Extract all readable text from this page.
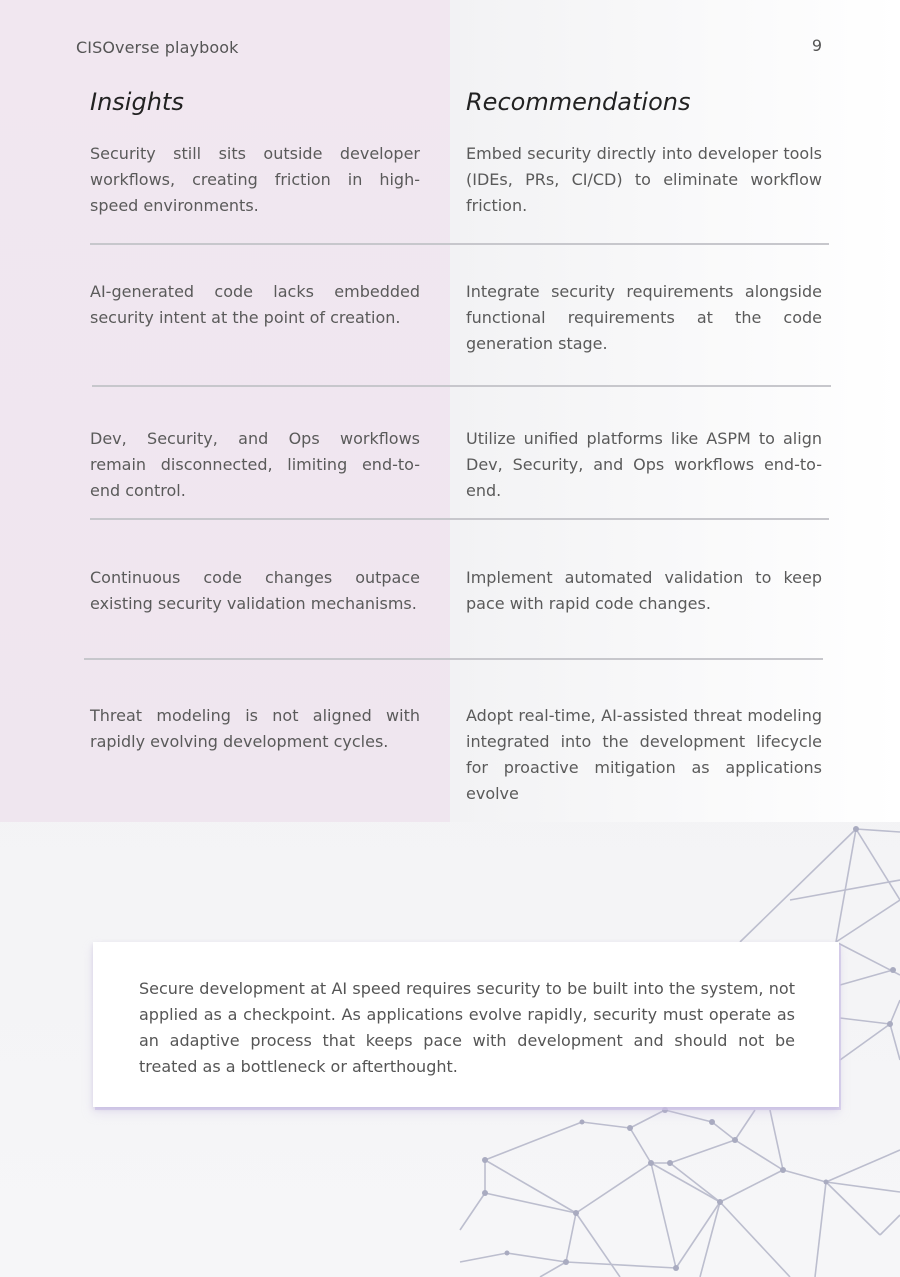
CISOverse playbook	9
Insights	Recommendations
Security still sits outside developer workflows, creating friction in high-speed environments.
Embed security directly into developer tools (IDEs, PRs, CI/CD) to eliminate workflow friction.
AI-generated code lacks embedded security intent at the point of creation.
Integrate security requirements alongside functional requirements at the code generation stage.
Dev, Security, and Ops workflows remain disconnected, limiting end-to-end control.
Utilize unified platforms like ASPM to align Dev, Security, and Ops workflows end-to-end.
Continuous code changes outpace existing security validation mechanisms.
Implement automated validation to keep pace with rapid code changes.
Threat modeling is not aligned with rapidly evolving development cycles.
Adopt real-time, AI-assisted threat modeling integrated into the development lifecycle for proactive mitigation as applications evolve
Secure development at AI speed requires security to be built into the system, not applied as a checkpoint. As applications evolve rapidly, security must operate as an adaptive process that keeps pace with development and should not be treated as a bottleneck or afterthought.
